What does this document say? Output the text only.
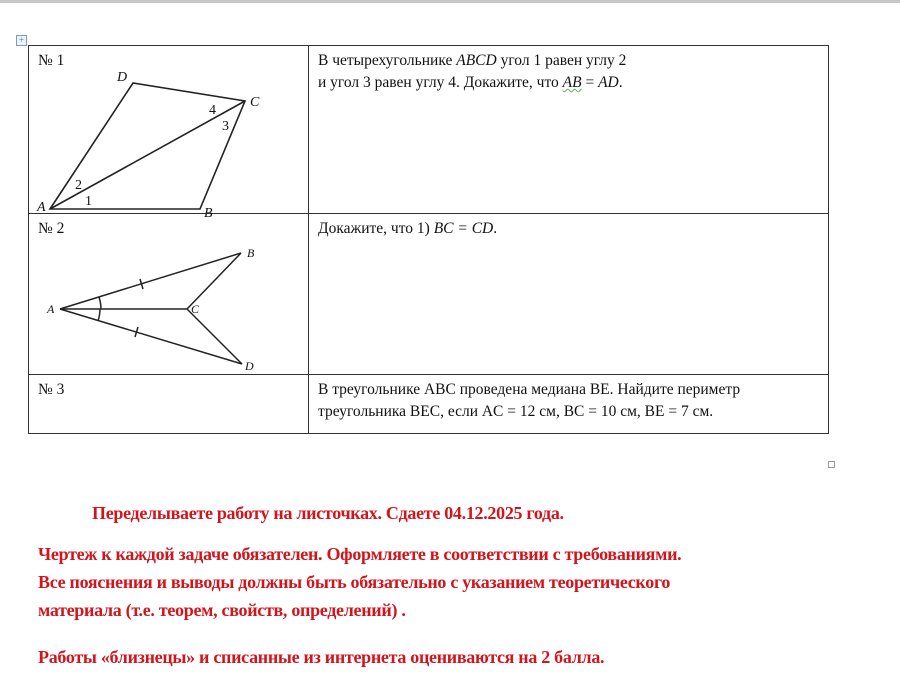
+
№ 1	В четырехугольнике ABCD угол 1 равен углу 2
и угол 3 равен углу 4. Докажите, что AB = AD.
№ 2	Докажите, что 1) BC = CD.
№ 3	В треугольнике ABC проведена медиана BE. Найдите периметр треугольника BEC, если AC = 12 см, BC = 10 см, BE = 7 см.
D
C
B
A	1
2
3
4
A
B
C
D
Переделываете работу на листочках. Сдаете 04.12.2025 года.
Чертеж к каждой задаче обязателен. Оформляете в соответствии с требованиями.
Все пояснения и выводы должны быть обязательно с указанием теоретического
материала (т.е. теорем, свойств, определений) .
Работы «близнецы» и списанные из интернета оцениваются на 2 балла.
